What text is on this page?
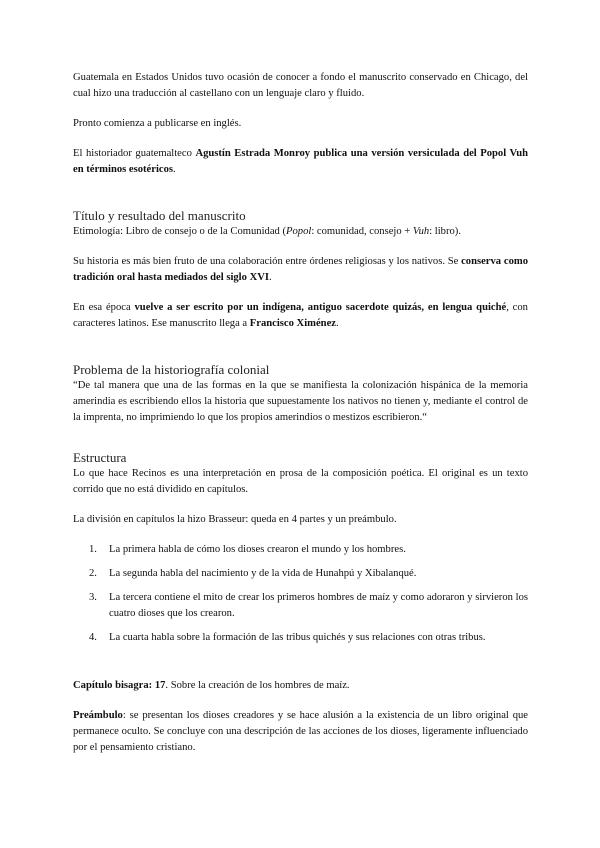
Guatemala en Estados Unidos tuvo ocasión de conocer a fondo el manuscrito conservado en Chicago, del cual hizo una traducción al castellano con un lenguaje claro y fluido.

Pronto comienza a publicarse en inglés.

El historiador guatemalteco Agustín Estrada Monroy publica una versión versiculada del Popol Vuh en términos esotéricos.

Título y resultado del manuscrito

Etimología: Libro de consejo o de la Comunidad (Popol: comunidad, consejo + Vuh: libro).

Su historia es más bien fruto de una colaboración entre órdenes religiosas y los nativos. Se conserva como tradición oral hasta mediados del siglo XVI.

En esa época vuelve a ser escrito por un indígena, antiguo sacerdote quizás, en lengua quiché, con caracteres latinos. Ese manuscrito llega a Francisco Ximénez.

Problema de la historiografía colonial

“De tal manera que una de las formas en la que se manifiesta la colonización hispánica de la memoria amerindia es escribiendo ellos la historia que supuestamente los nativos no tienen y, mediante el control de la imprenta, no imprimiendo lo que los propios amerindios o mestizos escribieron.“

Estructura

Lo que hace Recinos es una interpretación en prosa de la composición poética. El original es un texto corrido que no está dividido en capítulos.

La división en capítulos la hizo Brasseur: queda en 4 partes y un preámbulo.

1. La primera habla de cómo los dioses crearon el mundo y los hombres.
2. La segunda habla del nacimiento y de la vida de Hunahpú y Xibalanqué.
3. La tercera contiene el mito de crear los primeros hombres de maíz y como adoraron y sirvieron los cuatro dioses que los crearon.
4. La cuarta habla sobre la formación de las tribus quichés y sus relaciones con otras tribus.

Capítulo bisagra: 17. Sobre la creación de los hombres de maíz.

Preámbulo: se presentan los dioses creadores y se hace alusión a la existencia de un libro original que permanece oculto. Se concluye con una descripción de las acciones de los dioses, ligeramente influenciado por el pensamiento cristiano.
